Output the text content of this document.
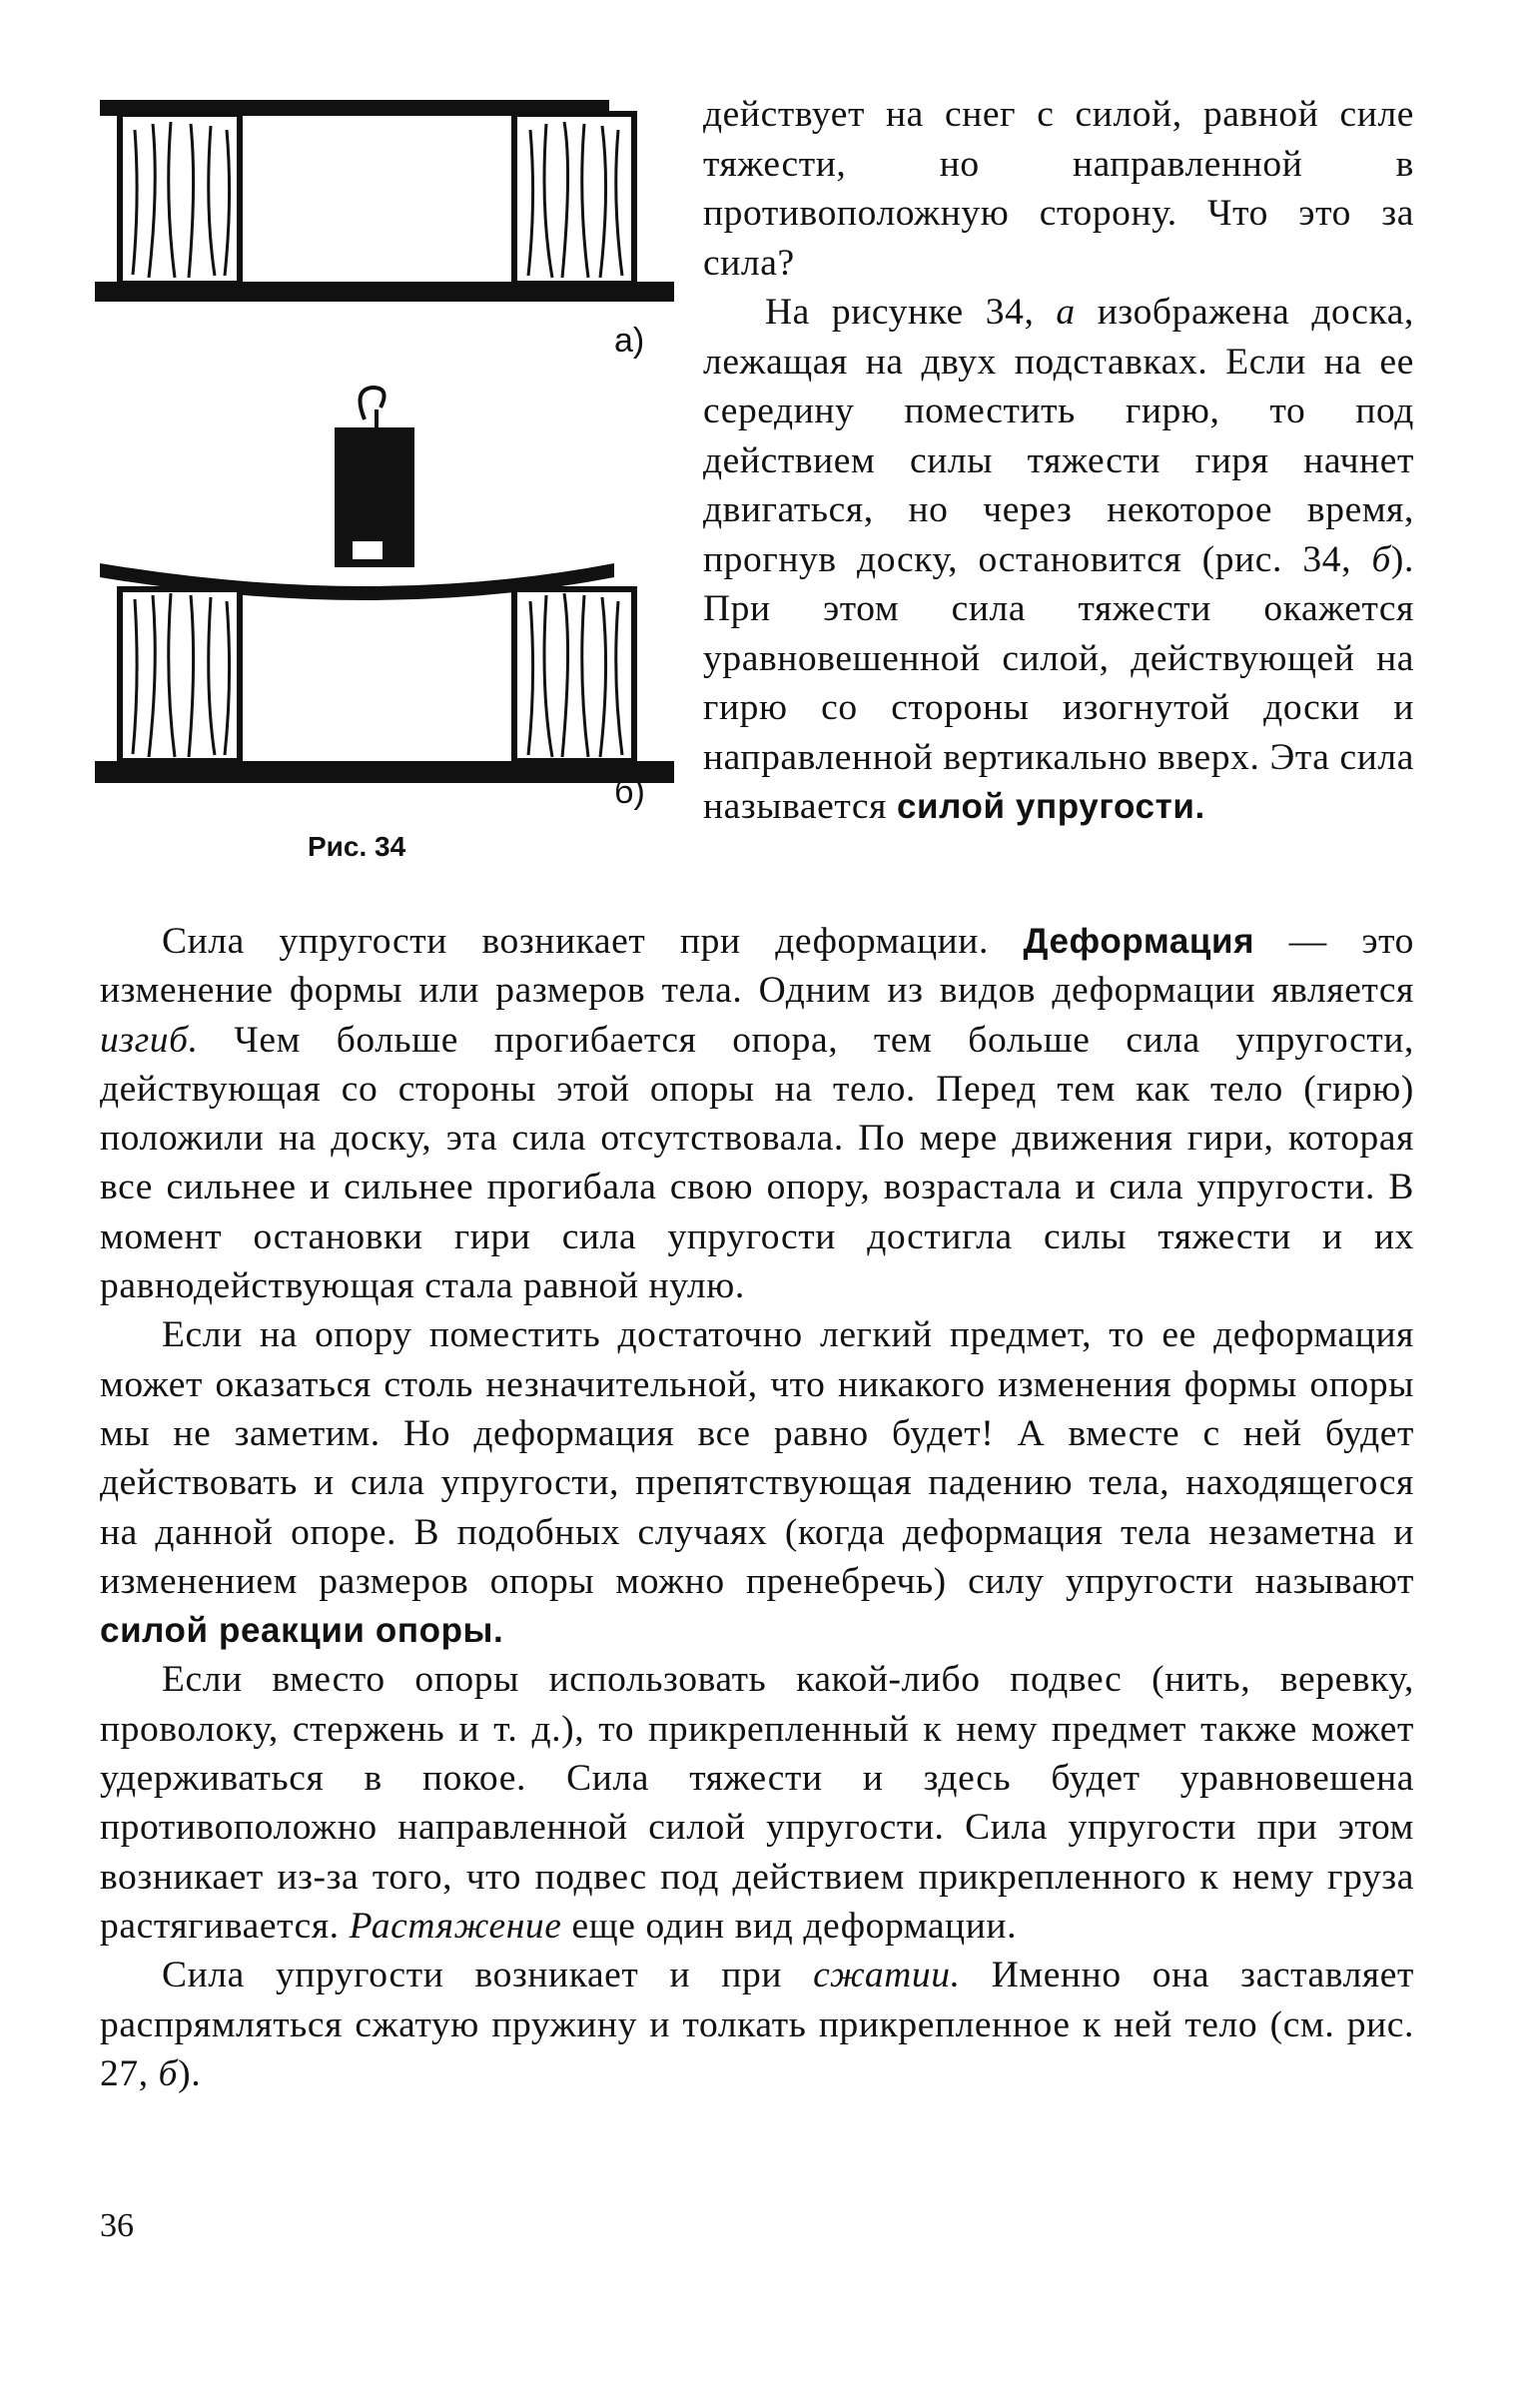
а)
б)
Рис. 34

действует на снег с силой, равной силе тяжести, но направленной в противоположную сторону. Что это за сила?

На рисунке 34, а изображена доска, лежащая на двух подставках. Если на ее середину поместить гирю, то под действием силы тяжести гиря начнет двигаться, но через некоторое время, прогнув доску, остановится (рис. 34, б). При этом сила тяжести окажется уравновешенной силой, действующей на гирю со стороны изогнутой доски и направленной вертикально вверх. Эта сила называется силой упругости.

Сила упругости возникает при деформации. Деформация — это изменение формы или размеров тела. Одним из видов деформации является изгиб. Чем больше прогибается опора, тем больше сила упругости, действующая со стороны этой опоры на тело. Перед тем как тело (гирю) положили на доску, эта сила отсутствовала. По мере движения гири, которая все сильнее и сильнее прогибала свою опору, возрастала и сила упругости. В момент остановки гири сила упругости достигла силы тяжести и их равнодействующая стала равной нулю.

Если на опору поместить достаточно легкий предмет, то ее деформация может оказаться столь незначительной, что никакого изменения формы опоры мы не заметим. Но деформация все равно будет! А вместе с ней будет действовать и сила упругости, препятствующая падению тела, находящегося на данной опоре. В подобных случаях (когда деформация тела незаметна и изменением размеров опоры можно пренебречь) силу упругости называют силой реакции опоры.

Если вместо опоры использовать какой-либо подвес (нить, веревку, проволоку, стержень и т. д.), то прикрепленный к нему предмет также может удерживаться в покое. Сила тяжести и здесь будет уравновешена противоположно направленной силой упругости. Сила упругости при этом возникает из-за того, что подвес под действием прикрепленного к нему груза растягивается. Растяжение еще один вид деформации.

Сила упругости возникает и при сжатии. Именно она заставляет распрямляться сжатую пружину и толкать прикрепленное к ней тело (см. рис. 27, б).

36
